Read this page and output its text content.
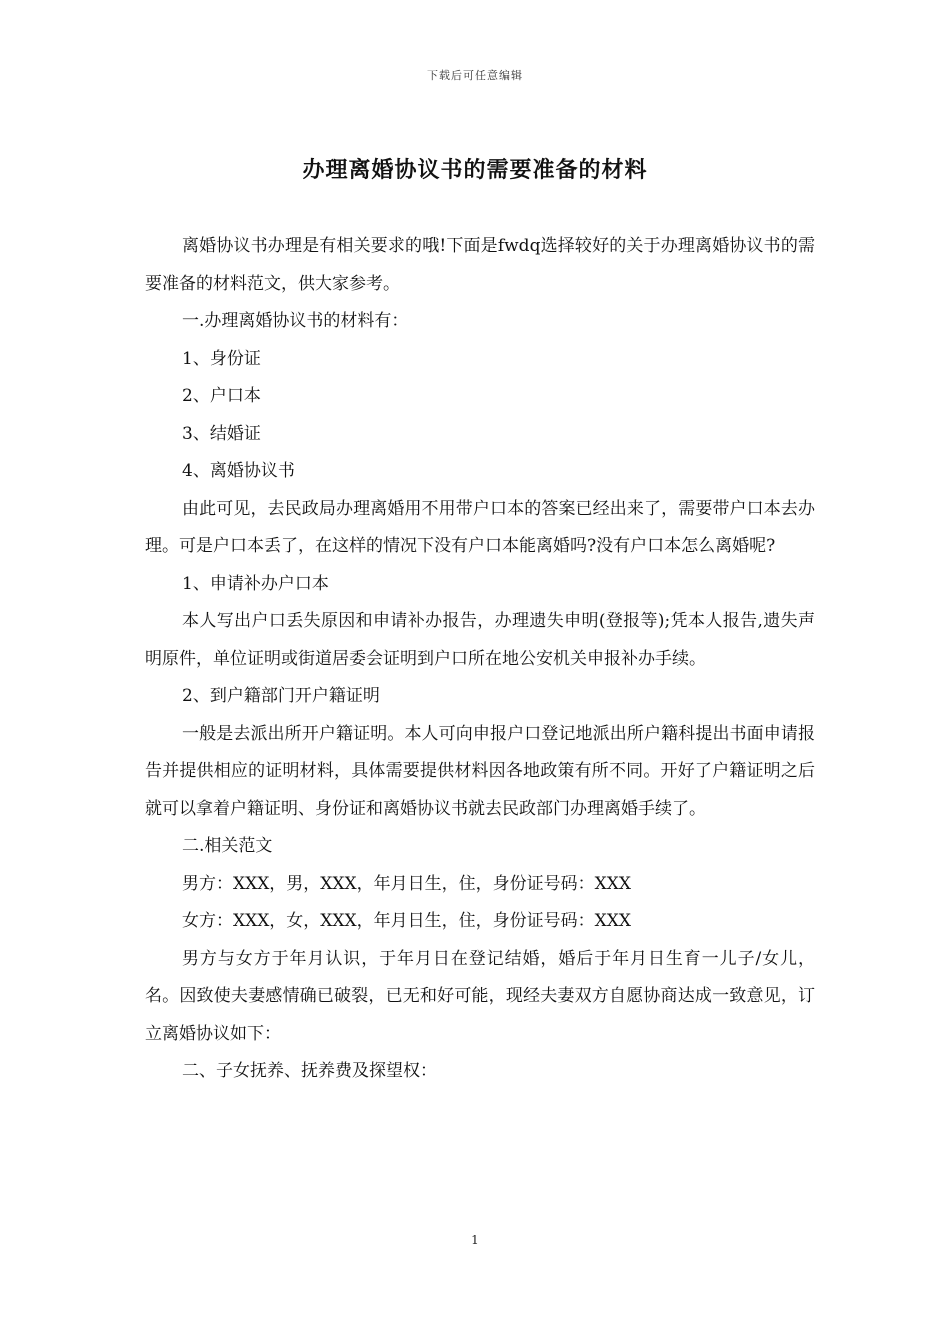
下载后可任意编辑
办理离婚协议书的需要准备的材料

离婚协议书办理是有相关要求的哦!下面是fwdq选择较好的关于办理离婚协议书的需要准备的材料范文，供大家参考。

一.办理离婚协议书的材料有：

1、身份证

2、户口本

3、结婚证

4、离婚协议书

由此可见，去民政局办理离婚用不用带户口本的答案已经出来了，需要带户口本去办理。可是户口本丢了，在这样的情况下没有户口本能离婚吗?没有户口本怎么离婚呢?

1、申请补办户口本

本人写出户口丢失原因和申请补办报告，办理遗失申明(登报等);凭本人报告,遗失声明原件，单位证明或街道居委会证明到户口所在地公安机关申报补办手续。

2、到户籍部门开户籍证明

一般是去派出所开户籍证明。本人可向申报户口登记地派出所户籍科提出书面申请报告并提供相应的证明材料，具体需要提供材料因各地政策有所不同。开好了户籍证明之后就可以拿着户籍证明、身份证和离婚协议书就去民政部门办理离婚手续了。

二.相关范文

男方：XXX，男，XXX，年月日生，住，身份证号码：XXX

女方：XXX，女，XXX，年月日生，住，身份证号码：XXX

男方与女方于年月认识，于年月日在登记结婚，婚后于年月日生育一儿子/女儿，名。因致使夫妻感情确已破裂，已无和好可能，现经夫妻双方自愿协商达成一致意见，订立离婚协议如下：

二、子女抚养、抚养费及探望权：

1
